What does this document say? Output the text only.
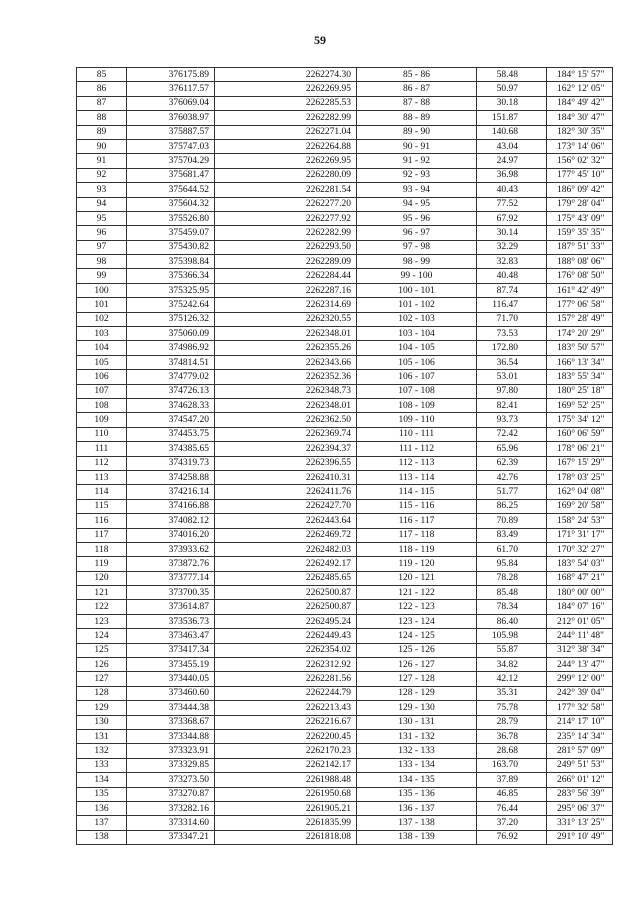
59
85	376175.89	2262274.30	85 - 86	58.48	184° 15' 57"
86	376117.57	2262269.95	86 - 87	50.97	162° 12' 05"
87	376069.04	2262285.53	87 - 88	30.18	184° 49' 42"
88	376038.97	2262282.99	88 - 89	151.87	184° 30' 47"
89	375887.57	2262271.04	89 - 90	140.68	182° 30' 35"
90	375747.03	2262264.88	90 - 91	43.04	173° 14' 06"
91	375704.29	2262269.95	91 - 92	24.97	156° 02' 32"
92	375681.47	2262280.09	92 - 93	36.98	177° 45' 10"
93	375644.52	2262281.54	93 - 94	40.43	186° 09' 42"
94	375604.32	2262277.20	94 - 95	77.52	179° 28' 04"
95	375526.80	2262277.92	95 - 96	67.92	175° 43' 09"
96	375459.07	2262282.99	96 - 97	30.14	159° 35' 35"
97	375430.82	2262293.50	97 - 98	32.29	187° 51' 33"
98	375398.84	2262289.09	98 - 99	32.83	188° 08' 06"
99	375366.34	2262284.44	99 - 100	40.48	176° 08' 50"
100	375325.95	2262287.16	100 - 101	87.74	161° 42' 49"
101	375242.64	2262314.69	101 - 102	116.47	177° 06' 58"
102	375126.32	2262320.55	102 - 103	71.70	157° 28' 49"
103	375060.09	2262348.01	103 - 104	73.53	174° 20' 29"
104	374986.92	2262355.26	104 - 105	172.80	183° 50' 57"
105	374814.51	2262343.66	105 - 106	36.54	166° 13' 34"
106	374779.02	2262352.36	106 - 107	53.01	183° 55' 34"
107	374726.13	2262348.73	107 - 108	97.80	180° 25' 18"
108	374628.33	2262348.01	108 - 109	82.41	169° 52' 25"
109	374547.20	2262362.50	109 - 110	93.73	175° 34' 12"
110	374453.75	2262369.74	110 - 111	72.42	160° 06' 59"
111	374385.65	2262394.37	111 - 112	65.96	178° 06' 21"
112	374319.73	2262396.55	112 - 113	62.39	167° 15' 29"
113	374258.88	2262410.31	113 - 114	42.76	178° 03' 25"
114	374216.14	2262411.76	114 - 115	51.77	162° 04' 08"
115	374166.88	2262427.70	115 - 116	86.25	169° 20' 58"
116	374082.12	2262443.64	116 - 117	70.89	158° 24' 53"
117	374016.20	2262469.72	117 - 118	83.49	171° 31' 17"
118	373933.62	2262482.03	118 - 119	61.70	170° 32' 27"
119	373872.76	2262492.17	119 - 120	95.84	183° 54' 03"
120	373777.14	2262485.65	120 - 121	78.28	168° 47' 21"
121	373700.35	2262500.87	121 - 122	85.48	180° 00' 00"
122	373614.87	2262500.87	122 - 123	78.34	184° 07' 16"
123	373536.73	2262495.24	123 - 124	86.40	212° 01' 05"
124	373463.47	2262449.43	124 - 125	105.98	244° 11' 48"
125	373417.34	2262354.02	125 - 126	55.87	312° 38' 34"
126	373455.19	2262312.92	126 - 127	34.82	244° 13' 47"
127	373440.05	2262281.56	127 - 128	42.12	299° 12' 00"
128	373460.60	2262244.79	128 - 129	35.31	242° 39' 04"
129	373444.38	2262213.43	129 - 130	75.78	177° 32' 58"
130	373368.67	2262216.67	130 - 131	28.79	214° 17' 10"
131	373344.88	2262200.45	131 - 132	36.78	235° 14' 34"
132	373323.91	2262170.23	132 - 133	28.68	281° 57' 09"
133	373329.85	2262142.17	133 - 134	163.70	249° 51' 53"
134	373273.50	2261988.48	134 - 135	37.89	266° 01' 12"
135	373270.87	2261950.68	135 - 136	46.85	283° 56' 39"
136	373282.16	2261905.21	136 - 137	76.44	295° 06' 37"
137	373314.60	2261835.99	137 - 138	37.20	331° 13' 25"
138	373347.21	2261818.08	138 - 139	76.92	291° 10' 49"
